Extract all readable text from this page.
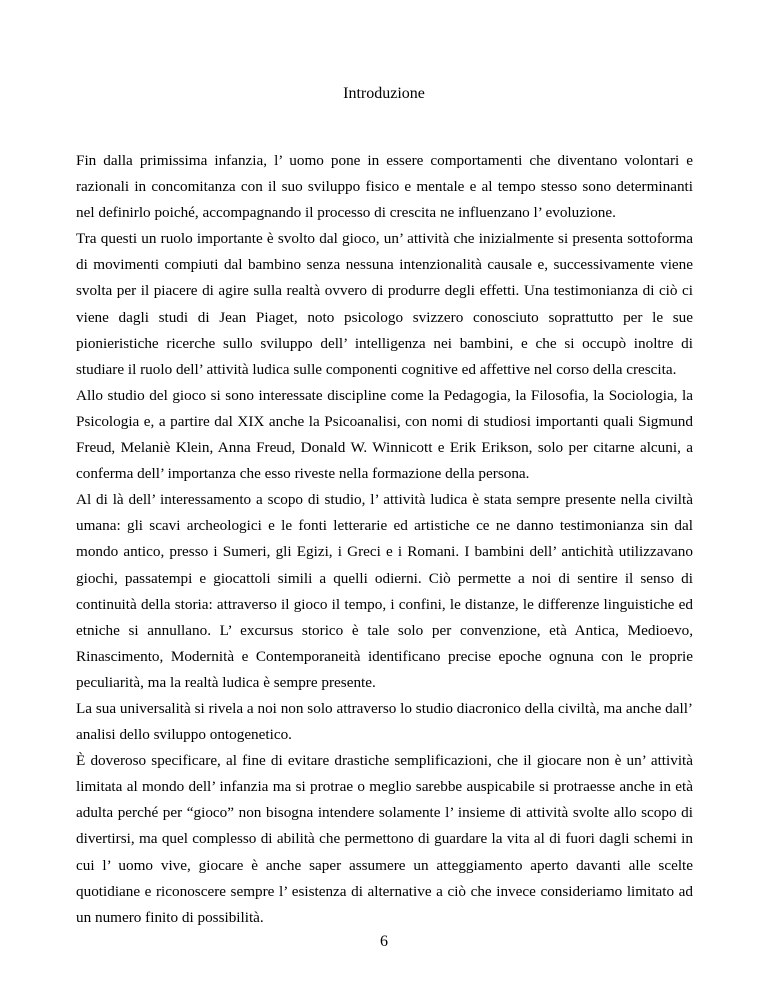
Introduzione

Fin dalla primissima infanzia, l’ uomo pone in essere comportamenti che diventano volontari e razionali in concomitanza con il suo sviluppo fisico e mentale e al tempo stesso sono determinanti nel definirlo poiché, accompagnando il processo di crescita ne influenzano l’ evoluzione.

Tra questi un ruolo importante è svolto dal gioco, un’ attività che inizialmente si presenta sottoforma di movimenti compiuti dal bambino senza nessuna intenzionalità causale e, successivamente viene svolta per il piacere di agire sulla realtà ovvero di produrre degli effetti. Una testimonianza di ciò ci viene dagli studi di Jean Piaget, noto psicologo svizzero conosciuto soprattutto per le sue pionieristiche ricerche sullo sviluppo dell’ intelligenza nei bambini, e che si occupò inoltre di studiare il ruolo dell’ attività ludica sulle componenti cognitive ed affettive nel corso della crescita.

Allo studio del gioco si sono interessate discipline come la Pedagogia, la Filosofia, la Sociologia, la Psicologia e, a partire dal XIX anche la Psicoanalisi, con nomi di studiosi importanti quali Sigmund Freud, Melaniè Klein, Anna Freud, Donald W. Winnicott e Erik Erikson, solo per citarne alcuni, a conferma dell’ importanza che esso riveste nella formazione della persona.

Al di là dell’ interessamento a scopo di studio, l’ attività ludica è stata sempre presente nella civiltà umana: gli scavi archeologici e le fonti letterarie ed artistiche ce ne danno testimonianza sin dal mondo antico, presso i Sumeri, gli Egizi, i Greci e i Romani. I bambini dell’ antichità utilizzavano giochi, passatempi e giocattoli simili a quelli odierni. Ciò permette a noi di sentire il senso di continuità della storia: attraverso il gioco il tempo, i confini, le distanze, le differenze linguistiche ed etniche si annullano. L’ excursus storico è tale solo per convenzione, età Antica, Medioevo, Rinascimento, Modernità e Contemporaneità identificano precise epoche ognuna con le proprie peculiarità, ma la realtà ludica è sempre presente.

La sua universalità si rivela a noi non solo attraverso lo studio diacronico della civiltà, ma anche dall’ analisi dello sviluppo ontogenetico.

È doveroso specificare, al fine di evitare drastiche semplificazioni, che il giocare non è un’ attività limitata al mondo dell’ infanzia ma si protrae o meglio sarebbe auspicabile si protraesse anche in età adulta perché per “gioco” non bisogna intendere solamente l’ insieme di attività svolte allo scopo di divertirsi, ma quel complesso di abilità che permettono di guardare la vita al di fuori dagli schemi in cui l’ uomo vive, giocare è anche saper assumere un atteggiamento aperto davanti alle scelte quotidiane e riconoscere sempre l’ esistenza di alternative a ciò che invece consideriamo limitato ad un numero finito di possibilità.

6
